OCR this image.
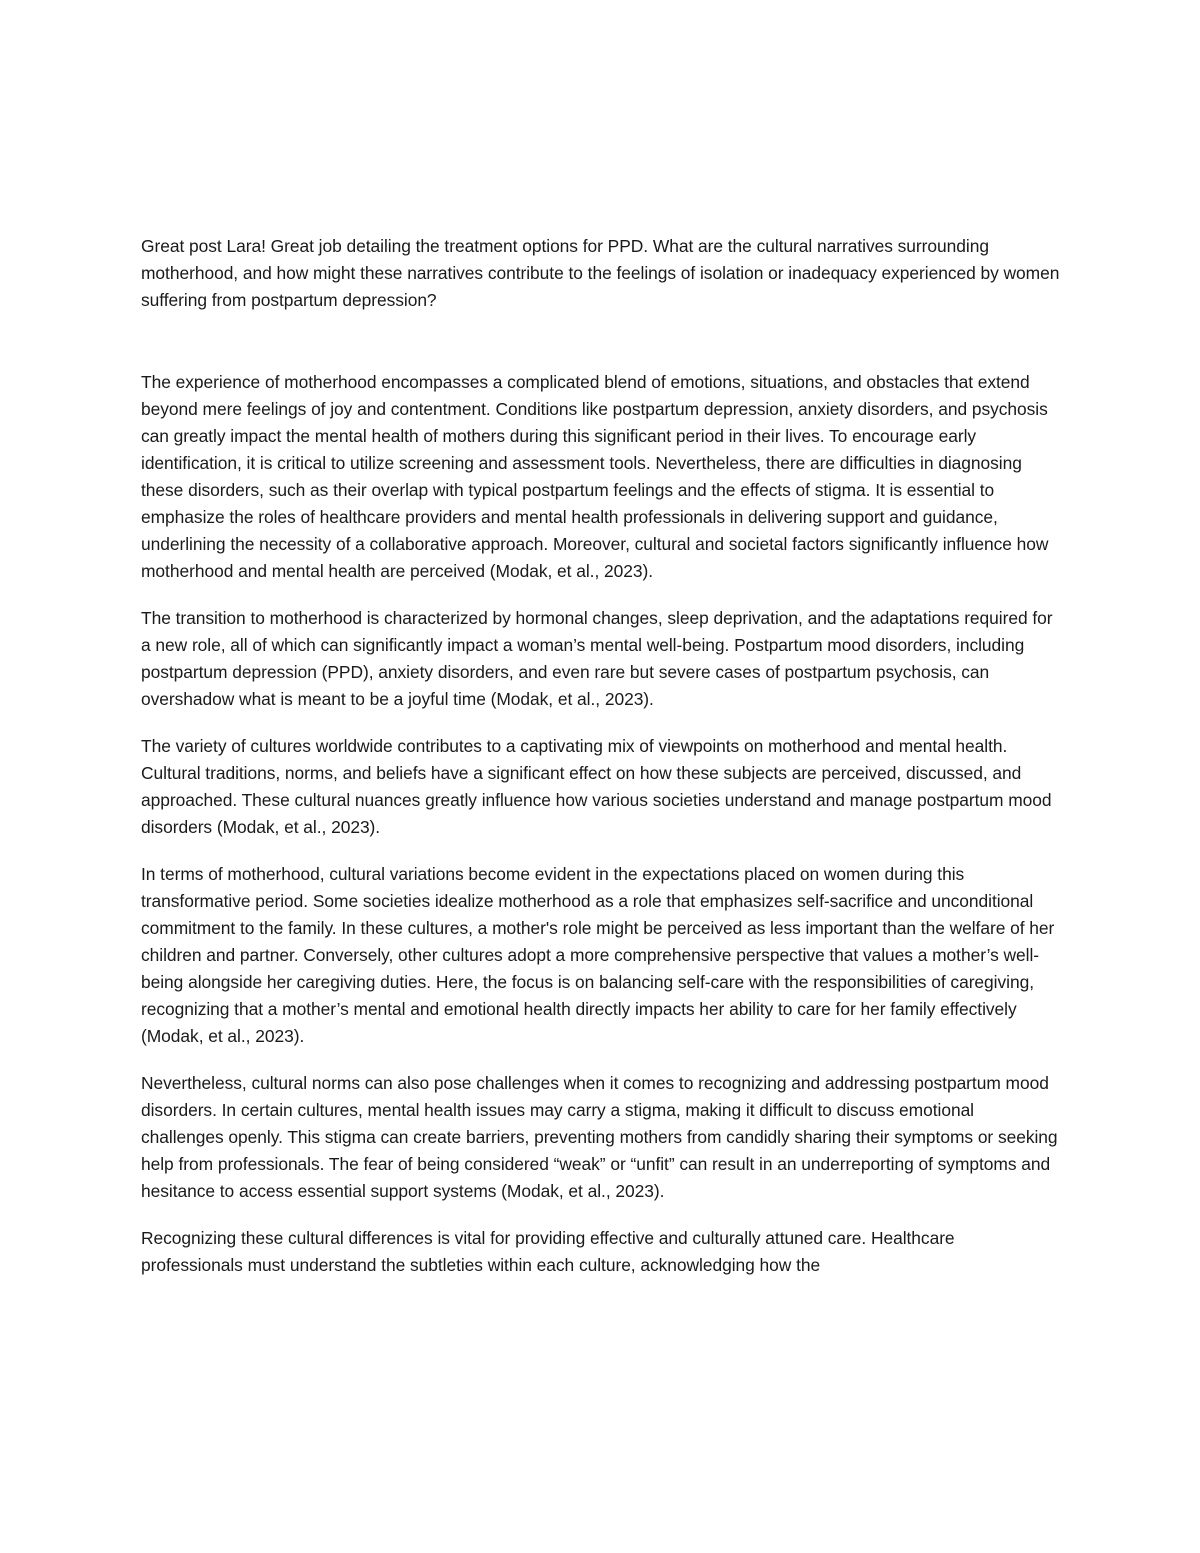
Great post Lara! Great job detailing the treatment options for PPD. What are the cultural narratives surrounding motherhood, and how might these narratives contribute to the feelings of isolation or inadequacy experienced by women suffering from postpartum depression?

The experience of motherhood encompasses a complicated blend of emotions, situations, and obstacles that extend beyond mere feelings of joy and contentment. Conditions like postpartum depression, anxiety disorders, and psychosis can greatly impact the mental health of mothers during this significant period in their lives. To encourage early identification, it is critical to utilize screening and assessment tools. Nevertheless, there are difficulties in diagnosing these disorders, such as their overlap with typical postpartum feelings and the effects of stigma. It is essential to emphasize the roles of healthcare providers and mental health professionals in delivering support and guidance, underlining the necessity of a collaborative approach. Moreover, cultural and societal factors significantly influence how motherhood and mental health are perceived (Modak, et al., 2023).

The transition to motherhood is characterized by hormonal changes, sleep deprivation, and the adaptations required for a new role, all of which can significantly impact a woman’s mental well-being. Postpartum mood disorders, including postpartum depression (PPD), anxiety disorders, and even rare but severe cases of postpartum psychosis, can overshadow what is meant to be a joyful time (Modak, et al., 2023).

The variety of cultures worldwide contributes to a captivating mix of viewpoints on motherhood and mental health. Cultural traditions, norms, and beliefs have a significant effect on how these subjects are perceived, discussed, and approached. These cultural nuances greatly influence how various societies understand and manage postpartum mood disorders (Modak, et al., 2023).

In terms of motherhood, cultural variations become evident in the expectations placed on women during this transformative period. Some societies idealize motherhood as a role that emphasizes self-sacrifice and unconditional commitment to the family. In these cultures, a mother's role might be perceived as less important than the welfare of her children and partner. Conversely, other cultures adopt a more comprehensive perspective that values a mother’s well-being alongside her caregiving duties. Here, the focus is on balancing self-care with the responsibilities of caregiving, recognizing that a mother’s mental and emotional health directly impacts her ability to care for her family effectively (Modak, et al., 2023).

Nevertheless, cultural norms can also pose challenges when it comes to recognizing and addressing postpartum mood disorders. In certain cultures, mental health issues may carry a stigma, making it difficult to discuss emotional challenges openly. This stigma can create barriers, preventing mothers from candidly sharing their symptoms or seeking help from professionals. The fear of being considered “weak” or “unfit” can result in an underreporting of symptoms and hesitance to access essential support systems (Modak, et al., 2023).

Recognizing these cultural differences is vital for providing effective and culturally attuned care. Healthcare professionals must understand the subtleties within each culture, acknowledging how the
